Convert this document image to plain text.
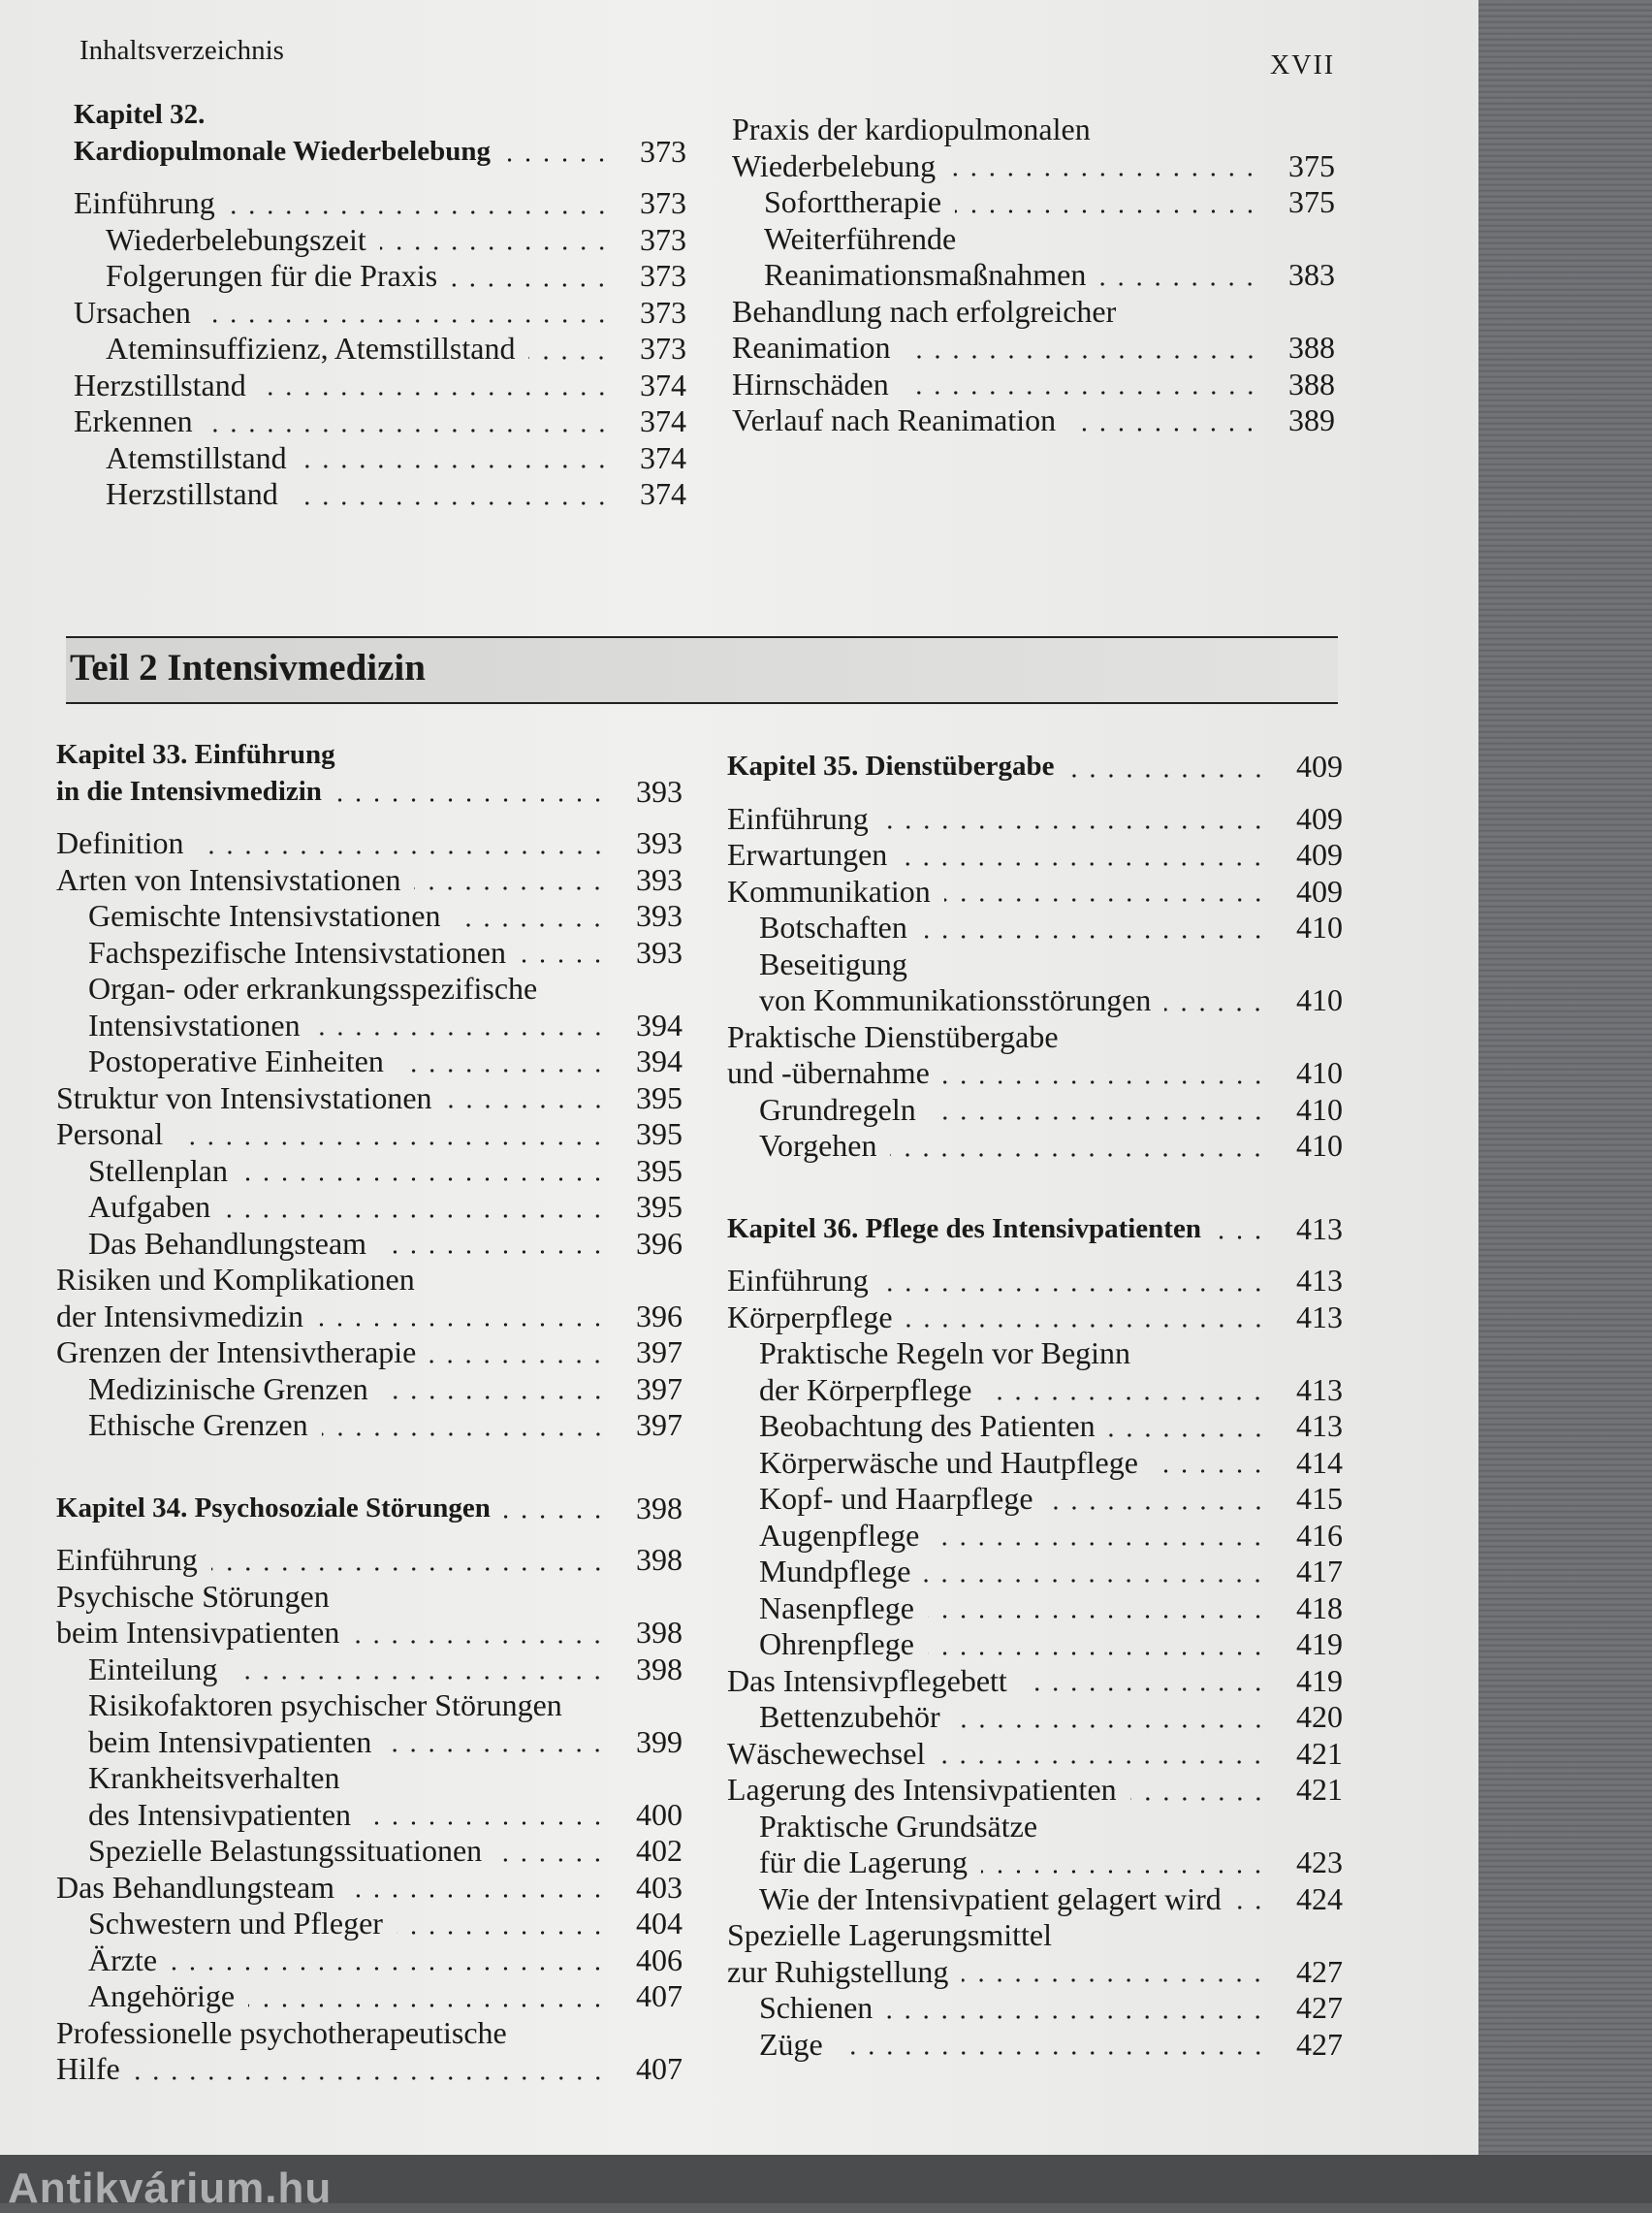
Inhaltsverzeichnis	XVII
Kapitel 32.
Kardiopulmonale Wiederbelebung	373
Einführung	373
Wiederbelebungszeit	373
Folgerungen für die Praxis	373
Ursachen	373
Ateminsuffizienz, Atemstillstand	373
Herzstillstand	374
Erkennen	374
Atemstillstand	374
Herzstillstand	374
Praxis der kardiopulmonalen
Wiederbelebung	375
Soforttherapie	375
Weiterführende
Reanimationsmaßnahmen	383
Behandlung nach erfolgreicher
Reanimation	388
Hirnschäden	388
Verlauf nach Reanimation	389
Teil 2 Intensivmedizin
Kapitel 33. Einführung
in die Intensivmedizin	393
Definition	393
Arten von Intensivstationen	393
Gemischte Intensivstationen	393
Fachspezifische Intensivstationen	393
Organ- oder erkrankungsspezifische
Intensivstationen	394
Postoperative Einheiten	394
Struktur von Intensivstationen	395
Personal	395
Stellenplan	395
Aufgaben	395
Das Behandlungsteam	396
Risiken und Komplikationen
der Intensivmedizin	396
Grenzen der Intensivtherapie	397
Medizinische Grenzen	397
Ethische Grenzen	397
Kapitel 34. Psychosoziale Störungen	398
Einführung	398
Psychische Störungen
beim Intensivpatienten	398
Einteilung	398
Risikofaktoren psychischer Störungen
beim Intensivpatienten	399
Krankheitsverhalten
des Intensivpatienten	400
Spezielle Belastungssituationen	402
Das Behandlungsteam	403
Schwestern und Pfleger	404
Ärzte	406
Angehörige	407
Professionelle psychotherapeutische
Hilfe	407
Kapitel 35. Dienstübergabe	409
Einführung	409
Erwartungen	409
Kommunikation	409
Botschaften	410
Beseitigung
von Kommunikationsstörungen	410
Praktische Dienstübergabe
und -übernahme	410
Grundregeln	410
Vorgehen	410
Kapitel 36. Pflege des Intensivpatienten	413
Einführung	413
Körperpflege	413
Praktische Regeln vor Beginn
der Körperpflege	413
Beobachtung des Patienten	413
Körperwäsche und Hautpflege	414
Kopf- und Haarpflege	415
Augenpflege	416
Mundpflege	417
Nasenpflege	418
Ohrenpflege	419
Das Intensivpflegebett	419
Bettenzubehör	420
Wäschewechsel	421
Lagerung des Intensivpatienten	421
Praktische Grundsätze
für die Lagerung	423
Wie der Intensivpatient gelagert wird	424
Spezielle Lagerungsmittel
zur Ruhigstellung	427
Schienen	427
Züge	427
Antikvárium.hu
